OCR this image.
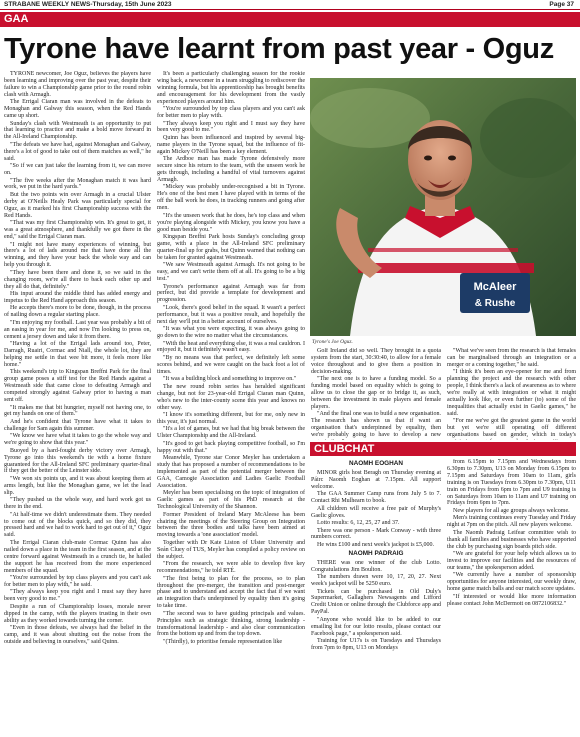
STRABANE WEEKLY NEWS-Thursday, 15th June 2023	Page 37
GAA
Tyrone have learnt from past year - Oguz

TYRONE newcomer, Joe Oguz, believes the players have been learning and improving over the past year, despite their failure to win a Championship game prior to the round robin clash with Armagh.

The Errigal Ciaran man was involved in the defeats to Monaghan and Galway this season, when the Red Hands came up short.

Sunday's clash with Westmeath is an opportunity to put that learning to practice and make a bold move forward in the All-Ireland Championship.

"The defeats we have had, against Monaghan and Galway, there's a lot of good to take out of them matches as well," he said.

"So if we can just take the learning from it, we can move on.

"The five weeks after the Monaghan match it was hard work, we put in the hard yards."

But the two points win over Armagh in a crucial Ulster derby at O'Neills Healy Park was particularly special for Oguz, as it marked his first Championship success with the Red Hands.

"That was my first Championship win. It's great to get, it was a great atmosphere, and thankfully we got there in the end," said the Errigal Ciaran man.

"I might not have many experiences of winning, but there's a lot of lads around me that have done all the winning, and they have your back the whole way and can help you through it.

"They have been there and done it, so we said in the changing room, we're all there to back each other up and they all do that, definitely."

His input around the middle third has added energy and impetus to the Red Hand approach this season.

He accepts there's more to be done, though, in the process of nailing down a regular starting place.

"I'm enjoying my football. Last year was probably a bit of an easing in year for me, and now I'm looking to press on, cement a jersey down and take it from there.

"Having a lot of the Errigal lads around too, Peter, Darragh, Ruairi, Cormac and Niall, the whole lot, they are helping me settle in that wee bit more, it feels more like home."

This weekend's trip to Kingspan Breffni Park for the final group game poses a stiff test for the Red Hands against a Westmeath side that came close to defeating Armagh and competed strongly against Galway prior to having a man sent off.

"It makes me that bit hungrier, myself not having one, to get my hands on one of them."

And he's confident that Tyrone have what it takes to challenge for Sam again this summer.

"We know we have what it takes to go the whole way and we're going to show that this year."

Buoyed by a hard-fought derby victory over Armagh, Tyrone go into this weekend's tie with a home fixture guaranteed for the All-Ireland SFC preliminary quarter-final if they get the better of the Leinster side.

"We won six points up, and it was about keeping them at arms length, but like the Monaghan game, we let the lead slip.

"They pushed us the whole way, and hard work got us there in the end.

"At half-time we didn't underestimate them. They needed to come out of the blocks quick, and so they did, they pressed hard and we had to work hard to get out of it," Oguz said.

The Errigal Ciaran club-mate Cormac Quinn has also nailed down a place in the team in the first season, and at the centre forward against Westmeath in a crunch tie, he hailed the support he has received from the more experienced members of the squad.

"You're surrounded by top class players and you can't ask for better men to play with," he said.

"They always keep you right and I must say they have been very good to me."

Despite a run of Championship losses, morale never dipped in the camp, with the players trusting in their own ability as they worked towards turning the corner.

"Even in those defeats, we always had the belief in the camp, and it was about shutting out the noise from the outside and believing in ourselves," said Quinn.

It's been a particularly challenging season for the rookie wing back, a newcomer in a team struggling to rediscover the winning formula, but his apprenticeship has brought benefits and encouragement for his development from the vastly experienced players around him.

"You're surrounded by top class players and you can't ask for better men to play with.

"They always keep you right and I must say they have been very good to me."

Quinn has been influenced and inspired by several big-name players in the Tyrone squad, but the influence of fit-again Mickey O'Neill has been a key element.

The Ardboe man has made Tyrone defensively more secure since his return to the team, with the unseen work he gets through, including a handful of vital turnovers against Armagh.

"Mickey was probably under-recognised a bit in Tyrone. He's one of the best men I have played with in terms of the off the ball work he does, in tracking runners and going after men.

"It's the unseen work that he does, he's top class and when you're playing alongside with Mickey, you know you have a good man beside you."

Kingspan Breffni Park hosts Sunday's concluding group game, with a place in the All-Ireland SFC preliminary quarter-final up for grabs, but Quinn warned that nothing can be taken for granted against Westmeath.

"We saw Westmeath against Armagh. It's not going to be easy, and we can't write them off at all. It's going to be a big test."

Tyrone's performance against Armagh was far from perfect, but did provide a template for development and progression.

"Look, there's good belief in the squad. It wasn't a perfect performance, but it was a positive result, and hopefully the next day we'll put in a better account of ourselves.

"It was what you were expecting, it was always going to go down to the wire no matter what the circumstances.

"With the heat and everything else, it was a real cauldron. I enjoyed it, but it definitely wasn't easy.

"By no means was that perfect, we definitely left some scores behind, and we were caught on the back foot a lot of times.

"It was a building block and something to improve on."

The new round robin series has heralded significant change, but not for 23-year-old Errigal Ciaran man Quinn, who's new to the inter-county scene this year and knows no other way.

"I know it's something different, but for me, only new in this year, it's just normal.

"It's a lot of games, but we had that big break between the Ulster Championship and the All-Ireland.

"It's good to get back playing competitive football, so I'm happy out with that."

Meanwhile, Tyrone star Conor Meyler has undertaken a study that has proposed a number of recommendations to be implemented as part of the potential merger between the GAA, Camogie Association and Ladies Gaelic Football Association.

Meyler has been specialising on the topic of integration of Gaelic games as part of his PhD research at the Technological University of the Shannon.

Former President of Ireland Mary McAleese has been chairing the meetings of the Steering Group on Integration between the three bodies and talks have been aimed at moving towards a 'one association' model.

Together with Dr Kate Liston of Ulster University and Seán Cluey of TUS, Meyler has compiled a policy review on the subject.

"From the research, we were able to develop five key recommendations," he told RTÉ.

"The first being to plan for the process, so to plan throughout the pre-merger, the transition and post-merger phase and to understand and accept the fact that if we want an integration that's underpinned by equality then it's going to take time.

"The second was to have guiding principals and values. Principles such as strategic thinking, strong leadership - transformational leadership - and also clear communication from the bottom up and from the top down.

"(Thirdly), to prioritise female representation like

McAleer
& Rushe
Tyrone's Joe Oguz.

Golf Ireland did so well. They brought in a quota system from the start, 30:30:40, to allow for a female voice throughout and to give them a position in decision-making.

"The next one is to have a funding model. So a funding model based on equality which is going to allow us to close the gap or to bridge it, as such, between the investment in male players and female players.

"And the final one was to build a new organisation. The research has shown us that if want an organisation that's underpinned by equality, then we're probably going to have to develop a new

"What we've seen from the research is that females can be marginalised through an integration or a merger or a coming together," he said.

"I think it's been an eye-opener for me and from planning the project and the research with other people, I think there's a lack of awareness as to where we're really at with integration or what it might actually look like, or even further (to) some of the inequalities that actually exist in Gaelic games," he said.

"For me we've got the greatest game in the world but yet we're still operating off different organisations based on gender, which in today's

CLUBCHAT
NAOMH EOGHAN

MINOR girls host Beragh on Thursday evening at Páirc Naomh Eoghan at 7.15pm. All support welcome.

The GAA Summer Camp runs from July 5 to 7. Contact Rhi Mulhearn to book.

All children will receive a free pair of Murphy's Gaelic gloves.

Lotto results: 6, 12, 25, 27 and 37.

There was one person - Mark Conway - with three numbers correct.

He wins £100 and next week's jackpot is £5,000.

NAOMH PADRAIG

THERE was one winner of the club Lotto. Congratulations Jim Boulton.

The numbers drawn were 10, 17, 20, 27. Next week's jackpot will be 5250 euro.

Tickets can be purchased in Old Duly's Supermarket, Gallaghers Newsagents and Lifford Credit Union or online through the Clubforce app and PayPal.

"Anyone who would like to be added to our emailing list for our lotto results, please contact our Facebook page," a spokesperson said.

Training for U17s is on Tuesdays and Thursdays from 7pm to 8pm, U13 on Mondays

from 6.15pm to 7.15pm and Wednesdays from 6.30pm to 7.30pm, U13 on Monday from 6.15pm to 7.15pm and Saturdays from 10am to 11am, girls training is on Tuesdays from 6.30pm to 7.30pm, U11 train on Fridays from 6pm to 7pm and U9 training is on Saturdays from 10am to 11am and U7 training on Fridays from 6pm to 7pm.

New players for all age groups always welcome.

Men's training continues every Tuesday and Friday night at 7pm on the pitch. All new players welcome.

The Naomh Padraig Leifear committee wish to thank all families and businesses who have supported the club by purchasing sign boards pitch side.

"We are grateful for your help which allows us to invest to improve our facilities and the resources of our teams," the spokesperson added.

"We currently have a number of sponsorship opportunities for anyone interested, our weekly draw, home game match balls and our match score updates.

"If interested or would like more information please contact John McDermott on 0872106832."
